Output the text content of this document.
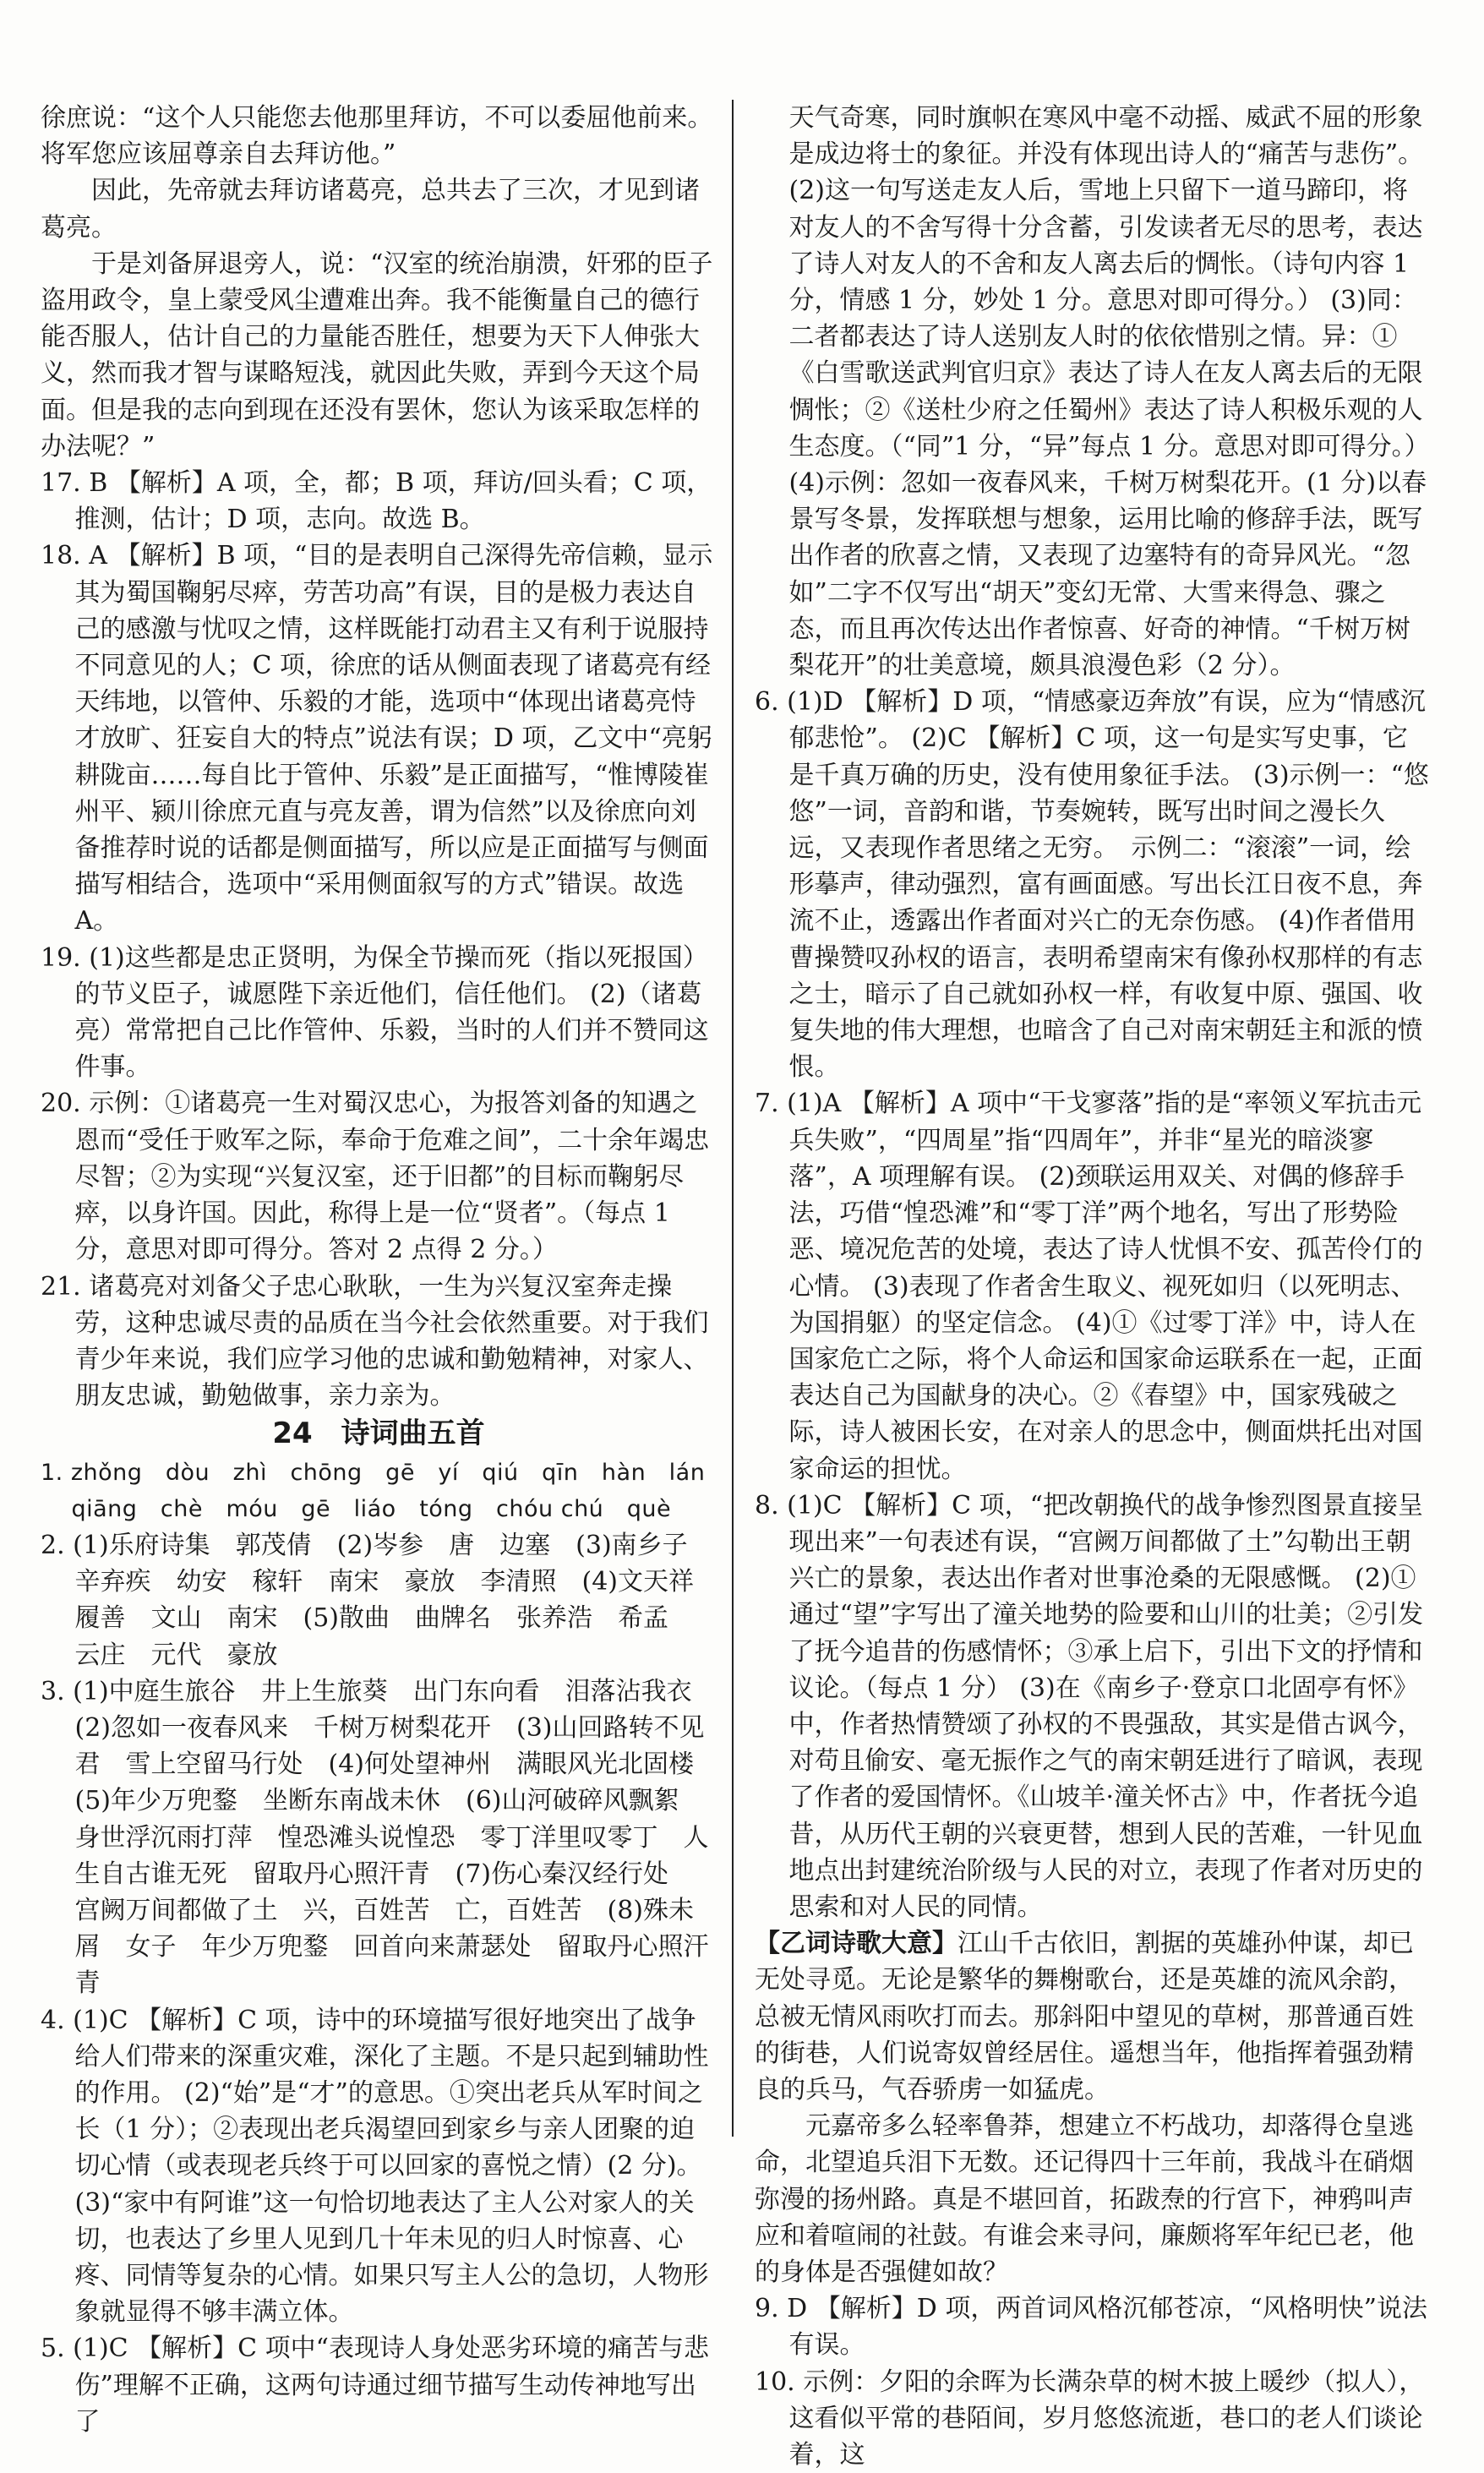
徐庶说：“这个人只能您去他那里拜访，不可以委屈他前来。将军您应该屈尊亲自去拜访他。”

因此，先帝就去拜访诸葛亮，总共去了三次，才见到诸葛亮。

于是刘备屏退旁人，说：“汉室的统治崩溃，奸邪的臣子盗用政令，皇上蒙受风尘遭难出奔。我不能衡量自己的德行能否服人，估计自己的力量能否胜任，想要为天下人伸张大义，然而我才智与谋略短浅，就因此失败，弄到今天这个局面。但是我的志向到现在还没有罢休，您认为该采取怎样的办法呢？”

17. B 【解析】A 项，全，都；B 项，拜访/回头看；C 项，推测，估计；D 项，志向。故选 B。

18. A 【解析】B 项，“目的是表明自己深得先帝信赖，显示其为蜀国鞠躬尽瘁，劳苦功高”有误，目的是极力表达自己的感激与忧叹之情，这样既能打动君主又有利于说服持不同意见的人；C 项，徐庶的话从侧面表现了诸葛亮有经天纬地，以管仲、乐毅的才能，选项中“体现出诸葛亮恃才放旷、狂妄自大的特点”说法有误；D 项，乙文中“亮躬耕陇亩……每自比于管仲、乐毅”是正面描写，“惟博陵崔州平、颍川徐庶元直与亮友善，谓为信然”以及徐庶向刘备推荐时说的话都是侧面描写，所以应是正面描写与侧面描写相结合，选项中“采用侧面叙写的方式”错误。故选 A。

19. (1)这些都是忠正贤明，为保全节操而死（指以死报国）的节义臣子，诚愿陛下亲近他们，信任他们。 (2)（诸葛亮）常常把自己比作管仲、乐毅，当时的人们并不赞同这件事。

20. 示例：①诸葛亮一生对蜀汉忠心，为报答刘备的知遇之恩而“受任于败军之际，奉命于危难之间”，二十余年竭忠尽智；②为实现“兴复汉室，还于旧都”的目标而鞠躬尽瘁，以身许国。因此，称得上是一位“贤者”。（每点 1 分，意思对即可得分。答对 2 点得 2 分。）

21. 诸葛亮对刘备父子忠心耿耿，一生为兴复汉室奔走操劳，这种忠诚尽责的品质在当今社会依然重要。对于我们青少年来说，我们应学习他的忠诚和勤勉精神，对家人、朋友忠诚，勤勉做事，亲力亲为。

24　诗词曲五首
1. zhǒng　dòu　zhì　chōng　gē　yí　qiú　qīn　hàn　lán
qiāng　chè　móu　gē　liáo　tóng　chóu chú　què

2. (1)乐府诗集　郭茂倩　(2)岑参　唐　边塞　(3)南乡子　辛弃疾　幼安　稼轩　南宋　豪放　李清照　(4)文天祥　履善　文山　南宋　(5)散曲　曲牌名　张养浩　希孟　云庄　元代　豪放

3. (1)中庭生旅谷　井上生旅葵　出门东向看　泪落沾我衣　(2)忽如一夜春风来　千树万树梨花开　(3)山回路转不见君　雪上空留马行处　(4)何处望神州　满眼风光北固楼　(5)年少万兜鍪　坐断东南战未休　(6)山河破碎风飘絮　身世浮沉雨打萍　惶恐滩头说惶恐　零丁洋里叹零丁　人生自古谁无死　留取丹心照汗青　(7)伤心秦汉经行处　宫阙万间都做了土　兴，百姓苦　亡，百姓苦　(8)殊未屑　女子　年少万兜鍪　回首向来萧瑟处　留取丹心照汗青

4. (1)C 【解析】C 项，诗中的环境描写很好地突出了战争给人们带来的深重灾难，深化了主题。不是只起到辅助性的作用。 (2)“始”是“才”的意思。①突出老兵从军时间之长（1 分）；②表现出老兵渴望回到家乡与亲人团聚的迫切心情（或表现老兵终于可以回家的喜悦之情）(2 分)。 (3)“家中有阿谁”这一句恰切地表达了主人公对家人的关切，也表达了乡里人见到几十年未见的归人时惊喜、心疼、同情等复杂的心情。如果只写主人公的急切，人物形象就显得不够丰满立体。

5. (1)C 【解析】C 项中“表现诗人身处恶劣环境的痛苦与悲伤”理解不正确，这两句诗通过细节描写生动传神地写出了

天气奇寒，同时旗帜在寒风中毫不动摇、威武不屈的形象是成边将士的象征。并没有体现出诗人的“痛苦与悲伤”。

(2)这一句写送走友人后，雪地上只留下一道马蹄印，将对友人的不舍写得十分含蓄，引发读者无尽的思考，表达了诗人对友人的不舍和友人离去后的惆怅。（诗句内容 1 分，情感 1 分，妙处 1 分。意思对即可得分。） (3)同：二者都表达了诗人送别友人时的依依惜别之情。异：①《白雪歌送武判官归京》表达了诗人在友人离去后的无限惆怅；②《送杜少府之任蜀州》表达了诗人积极乐观的人生态度。（“同”1 分，“异”每点 1 分。意思对即可得分。） (4)示例：忽如一夜春风来，千树万树梨花开。(1 分)以春景写冬景，发挥联想与想象，运用比喻的修辞手法，既写出作者的欣喜之情，又表现了边塞特有的奇异风光。“忽如”二字不仅写出“胡天”变幻无常、大雪来得急、骤之态，而且再次传达出作者惊喜、好奇的神情。“千树万树梨花开”的壮美意境，颇具浪漫色彩（2 分）。

6. (1)D 【解析】D 项，“情感豪迈奔放”有误，应为“情感沉郁悲怆”。 (2)C 【解析】C 项，这一句是实写史事，它是千真万确的历史，没有使用象征手法。 (3)示例一：“悠悠”一词，音韵和谐，节奏婉转，既写出时间之漫长久远，又表现作者思绪之无穷。　示例二：“滚滚”一词，绘形摹声，律动强烈，富有画面感。写出长江日夜不息，奔流不止，透露出作者面对兴亡的无奈伤感。 (4)作者借用曹操赞叹孙权的语言，表明希望南宋有像孙权那样的有志之士，暗示了自己就如孙权一样，有收复中原、强国、收复失地的伟大理想，也暗含了自己对南宋朝廷主和派的愤恨。

7. (1)A 【解析】A 项中“干戈寥落”指的是“率领义军抗击元兵失败”，“四周星”指“四周年”，并非“星光的暗淡寥落”，A 项理解有误。 (2)颈联运用双关、对偶的修辞手法，巧借“惶恐滩”和“零丁洋”两个地名，写出了形势险恶、境况危苦的处境，表达了诗人忧惧不安、孤苦伶仃的心情。 (3)表现了作者舍生取义、视死如归（以死明志、为国捐躯）的坚定信念。 (4)①《过零丁洋》中，诗人在国家危亡之际，将个人命运和国家命运联系在一起，正面表达自己为国献身的决心。②《春望》中，国家残破之际，诗人被困长安，在对亲人的思念中，侧面烘托出对国家命运的担忧。

8. (1)C 【解析】C 项，“把改朝换代的战争惨烈图景直接呈现出来”一句表述有误，“宫阙万间都做了土”勾勒出王朝兴亡的景象，表达出作者对世事沧桑的无限感慨。 (2)①通过“望”字写出了潼关地势的险要和山川的壮美；②引发了抚今追昔的伤感情怀；③承上启下，引出下文的抒情和议论。（每点 1 分） (3)在《南乡子·登京口北固亭有怀》中，作者热情赞颂了孙权的不畏强敌，其实是借古讽今，对苟且偷安、毫无振作之气的南宋朝廷进行了暗讽，表现了作者的爱国情怀。《山坡羊·潼关怀古》中，作者抚今追昔，从历代王朝的兴衰更替，想到人民的苦难，一针见血地点出封建统治阶级与人民的对立，表现了作者对历史的思索和对人民的同情。

【乙词诗歌大意】江山千古依旧，割据的英雄孙仲谋，却已无处寻觅。无论是繁华的舞榭歌台，还是英雄的流风余韵，总被无情风雨吹打而去。那斜阳中望见的草树，那普通百姓的街巷，人们说寄奴曾经居住。遥想当年，他指挥着强劲精良的兵马，气吞骄虏一如猛虎。

元嘉帝多么轻率鲁莽，想建立不朽战功，却落得仓皇逃命，北望追兵泪下无数。还记得四十三年前，我战斗在硝烟弥漫的扬州路。真是不堪回首，拓跋焘的行宫下，神鸦叫声应和着喧闹的社鼓。有谁会来寻问，廉颇将军年纪已老，他的身体是否强健如故？

9. D 【解析】D 项，两首词风格沉郁苍凉，“风格明快”说法有误。

10. 示例：夕阳的余晖为长满杂草的树木披上暖纱（拟人），这看似平常的巷陌间，岁月悠悠流逝，巷口的老人们谈论着，这
